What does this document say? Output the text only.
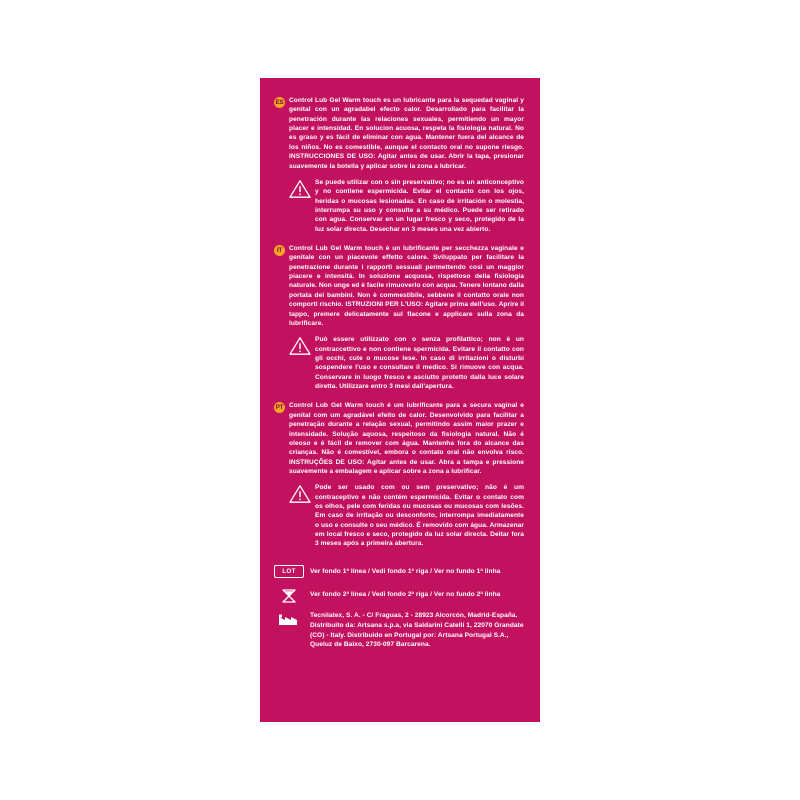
ES Control Lub Gel Warm touch es un lubricante para la sequedad vaginal y genital con un agradabel efecto calor. Desarrollado para facilitar la penetración durante las relaciones sexuales, permitiendo un mayor placer e intensidad. En solucion acuosa, respeta la fisiología natural. No es graso y es fácil de eliminar con agua. Mantener fuera del alcance de los niños. No es comestible, aunque el contacto oral no supone riesgo. INSTRUCCIONES DE USO: Agitar antes de usar. Abrir la tapa, presionar suavemente la botella y aplicar sobre la zona a lubricar.
Se puede utilizar con o sin preservativo; no es un anticonceptivo y no contiene espermicida. Evitar el contacto con los ojos, heridas o mucosas lesionadas. En caso de irritación o molestia, interrumpa su uso y consulte a su médico. Puede ser retirado con agua. Conservar en un lugar fresco y seco, protegido de la luz solar directa. Desechar en 3 meses una vez abierto.
IT	Control Lub Gel Warm touch è un lubrificante per secchezza vaginale e genitale con un piacevole effetto calore. Sviluppato per facilitare la penetrazione durante i rapporti sessuali permettendo così un maggior piacere e intensità. In soluzione acquosa, rispettoso della fisiologia naturale. Non unge ed è facile rimuoverlo con acqua. Tenere lontano dalla portata dei bambini. Non è commestibile, sebbene il contatto orale non comporti rischio. ISTRUZIONI PER L'USO: Agitare prima dell'uso. Aprire il tappo, premere delicatamente sul flacone e applicare sulla zona da lubrificare.
Può essere utilizzato con o senza profilattico; non è un contraccettivo e non contiene spermicida. Evitare il contatto con gli occhi, cute o mucose lese. In caso di irritazioni o disturbi sospendere l'uso e consultare il medico. Si rimuove con acqua. Conservare in luogo fresco e asciutto protetto dalla luce solare diretta. Utilizzare entro 3 mesi dall'apertura.
PT Control Lub Gel Warm touch é um lubrificante para a secura vaginal e genital com um agradável efeito de calor. Desenvolvido para facilitar a penetração durante a relação sexual, permitindo assim maior prazer e intensidade. Solução aquosa, respeitoso da fisiologia natural. Não é oleoso e é fácil de remover com água. Mantenha fora do alcance das crianças. Não é comestível, embora o contato oral não envolva risco. INSTRUÇÕES DE USO: Agitar antes de usar. Abra a tampa e pressione suavemente a embalagem e aplicar sobre a zona a lubrificar.
Pode ser usado com ou sem preservativo; não é um contraceptivo e não contém espermicida. Evitar o contato com os olhos, pele com feridas ou mucosas ou mucosas com lesões. Em caso de irritação ou desconforto, interrompa imediatamente o uso e consulte o seu médico. É removido com água. Armazenar em local fresco e seco, protegido da luz solar directa. Deitar fora 3 meses após a primeira abertura.
LOT	Ver fondo 1ª línea / Vedi fondo 1ª riga / Ver no fundo 1ª linha
Ver fondo 2ª línea / Vedi fondo 2ª riga / Ver no fundo 2ª linha
Tecnilatex, S. A. - C/ Fraguas, 2 - 28923 Alcorcón, Madrid-España. Distribuito da: Artsana s.p.a, via Saldarini Catelli 1, 22070 Grandate (CO) - Italy. Distribuido en Portugal por: Artsana Portugal S.A., Queluz de Baixo, 2730-097 Barcarena.
